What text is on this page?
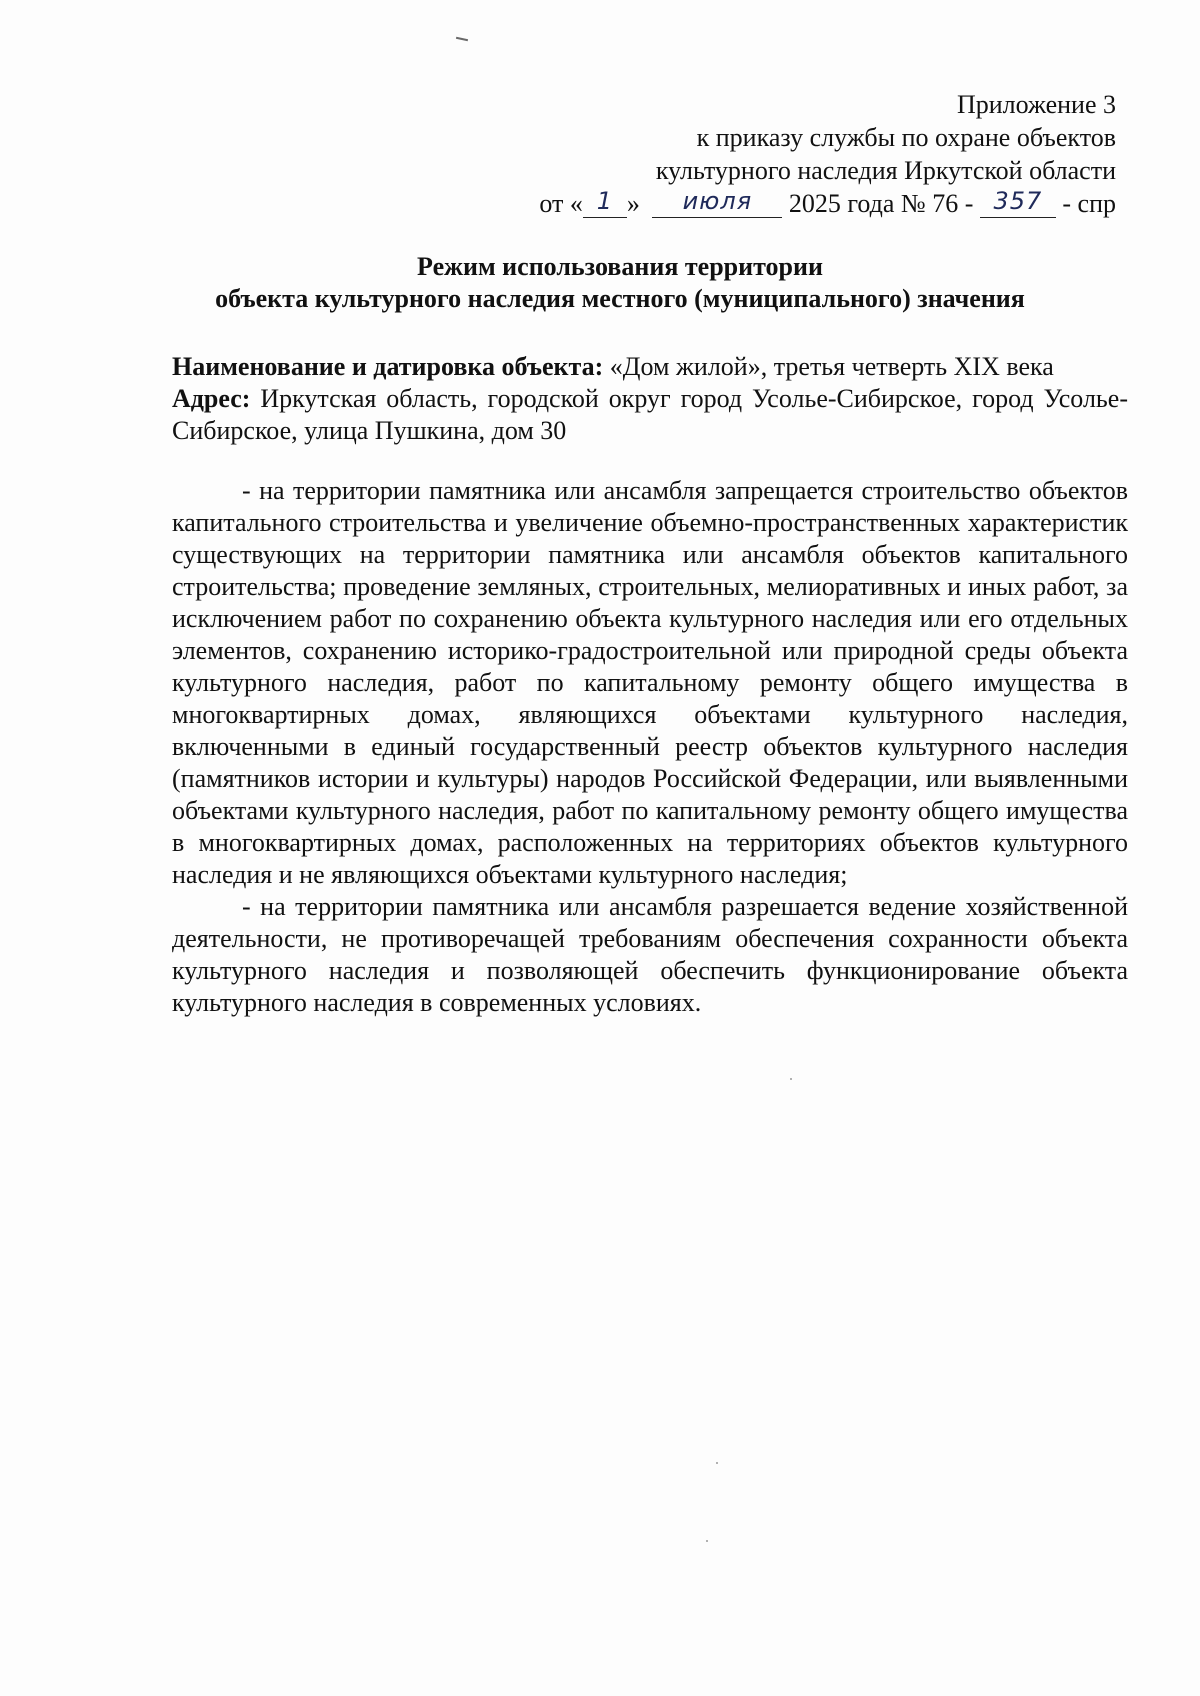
Приложение 3
к приказу службы по охране объектов
культурного наследия Иркутской области
от « 1 » июля 2025 года № 76 - 357 - спр
Режим использования территории
объекта культурного наследия местного (муниципального) значения

Наименование и датировка объекта: «Дом жилой», третья четверть XIX века

Адрес: Иркутская область, городской округ город Усолье-Сибирское, город Усолье-Сибирское, улица Пушкина, дом 30

- на территории памятника или ансамбля запрещается строительство объектов капитального строительства и увеличение объемно-пространственных характеристик существующих на территории памятника или ансамбля объектов капитального строительства; проведение земляных, строительных, мелиоративных и иных работ, за исключением работ по сохранению объекта культурного наследия или его отдельных элементов, сохранению историко-градостроительной или природной среды объекта культурного наследия, работ по капитальному ремонту общего имущества в многоквартирных домах, являющихся объектами культурного наследия, включенными в единый государственный реестр объектов культурного наследия (памятников истории и культуры) народов Российской Федерации, или выявленными объектами культурного наследия, работ по капитальному ремонту общего имущества в многоквартирных домах, расположенных на территориях объектов культурного наследия и не являющихся объектами культурного наследия;

- на территории памятника или ансамбля разрешается ведение хозяйственной деятельности, не противоречащей требованиям обеспечения сохранности объекта культурного наследия и позволяющей обеспечить функционирование объекта культурного наследия в современных условиях.
